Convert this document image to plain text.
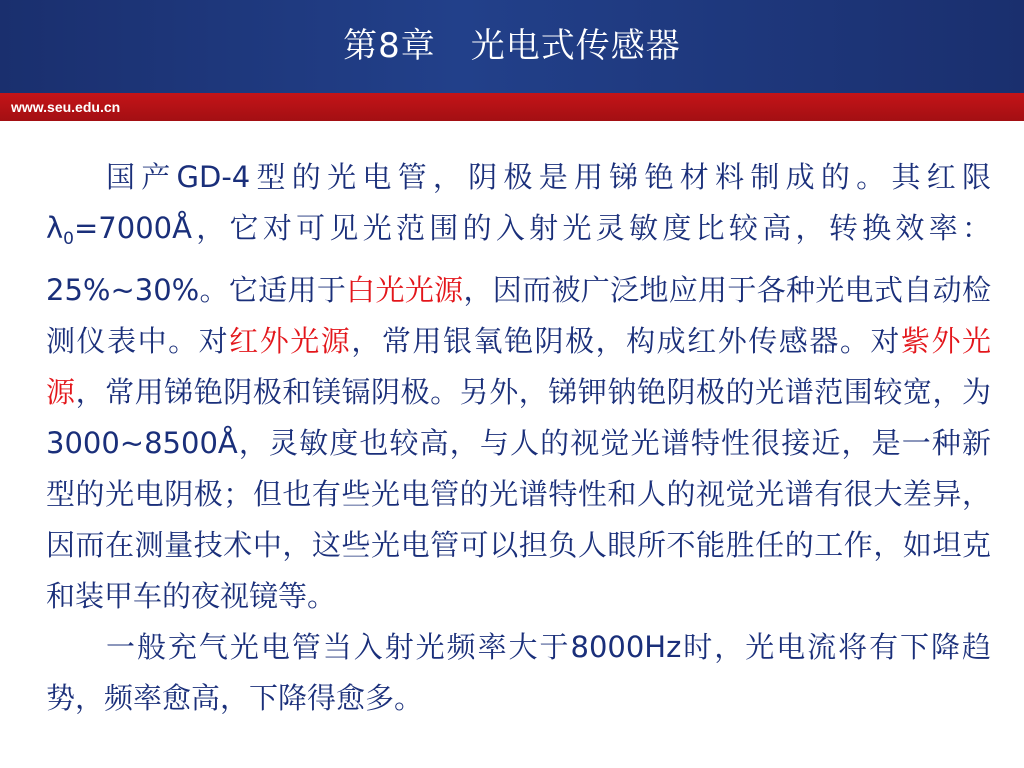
第8章　光电式传感器
www.seu.edu.cn

国产GD-4型的光电管，阴极是用锑铯材料制成的。其红限$\lambda_0=7000Å$，它对可见光范围的入射光灵敏度比较高，转换效率：25%~30%。它适用于白光光源，因而被广泛地应用于各种光电式自动检测仪表中。对红外光源，常用银氧铯阴极，构成红外传感器。对紫外光源，常用锑铯阴极和镁镉阴极。另外，锑钾钠铯阴极的光谱范围较宽，为3000~8500Å，灵敏度也较高，与人的视觉光谱特性很接近，是一种新型的光电阴极；但也有些光电管的光谱特性和人的视觉光谱有很大差异，因而在测量技术中，这些光电管可以担负人眼所不能胜任的工作，如坦克和装甲车的夜视镜等。

一般充气光电管当入射光频率大于8000Hz时，光电流将有下降趋势，频率愈高，下降得愈多。
